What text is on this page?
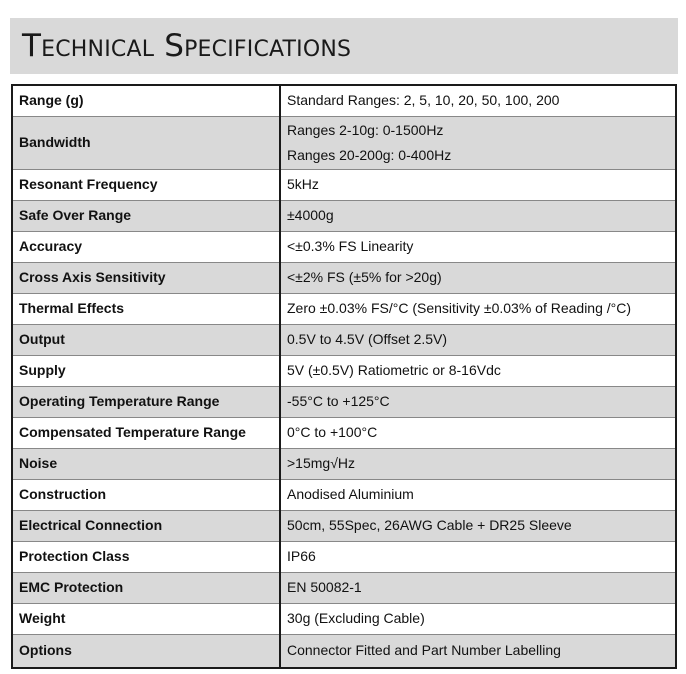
Technical Specifications
Range (g)	Standard Ranges: 2, 5, 10, 20, 50, 100, 200

Bandwidth	Ranges 2-10g: 0-1500Hz
Ranges 20-200g: 0-400Hz

Resonant Frequency	5kHz

Safe Over Range	±4000g

Accuracy	<±0.3% FS Linearity

Cross Axis Sensitivity	<±2% FS (±5% for >20g)

Thermal Effects	Zero ±0.03% FS/°C (Sensitivity ±0.03% of Reading /°C)

Output	0.5V to 4.5V (Offset 2.5V)

Supply	5V (±0.5V) Ratiometric or 8-16Vdc

Operating Temperature Range	-55°C to +125°C

Compensated Temperature Range	0°C to +100°C

Noise	>15mg√Hz

Construction	Anodised Aluminium

Electrical Connection	50cm, 55Spec, 26AWG Cable + DR25 Sleeve

Protection Class	IP66

EMC Protection	EN 50082-1

Weight	30g (Excluding Cable)

Options	Connector Fitted and Part Number Labelling
